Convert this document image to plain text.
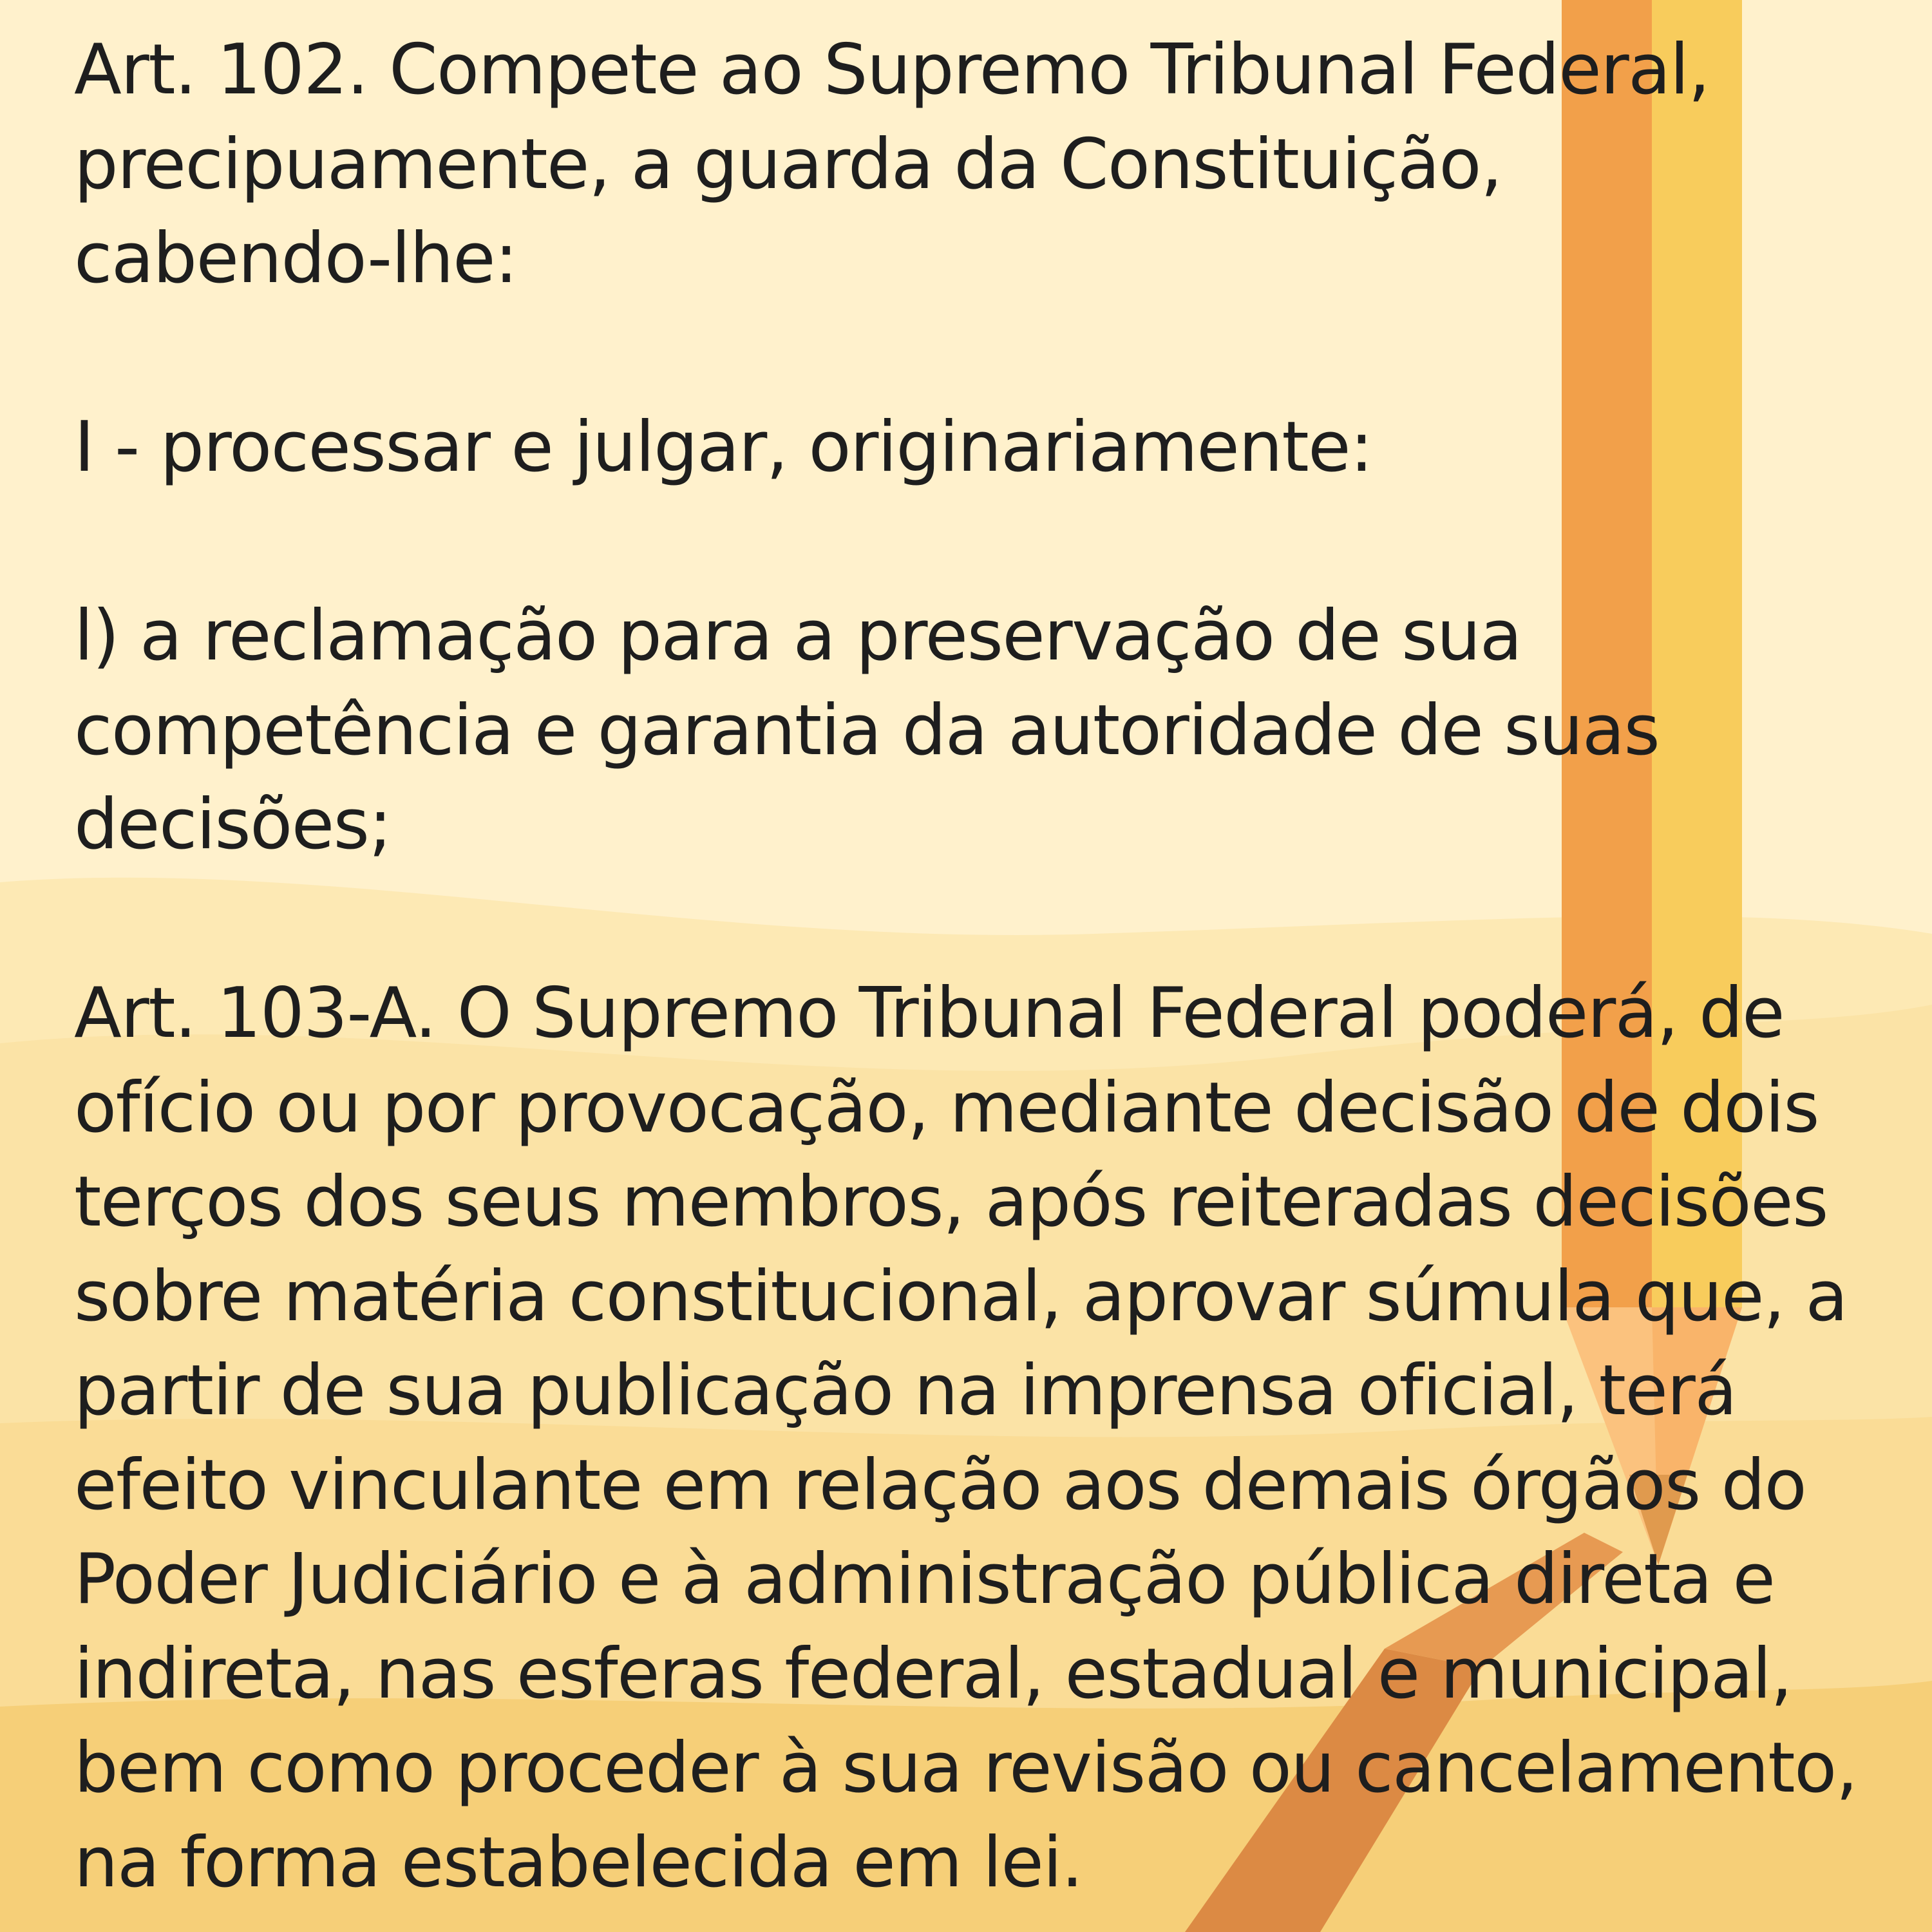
Art. 102. Compete ao Supremo Tribunal Federal,
precipuamente, a guarda da Constituição,
cabendo-lhe:

I - processar e julgar, originariamente:

l) a reclamação para a preservação de sua
competência e garantia da autoridade de suas
decisões;

Art. 103-A. O Supremo Tribunal Federal poderá, de
ofício ou por provocação, mediante decisão de dois
terços dos seus membros, após reiteradas decisões
sobre matéria constitucional, aprovar súmula que, a
partir de sua publicação na imprensa oficial, terá
efeito vinculante em relação aos demais órgãos do
Poder Judiciário e à administração pública direta e
indireta, nas esferas federal, estadual e municipal,
bem como proceder à sua revisão ou cancelamento,
na forma estabelecida em lei.
